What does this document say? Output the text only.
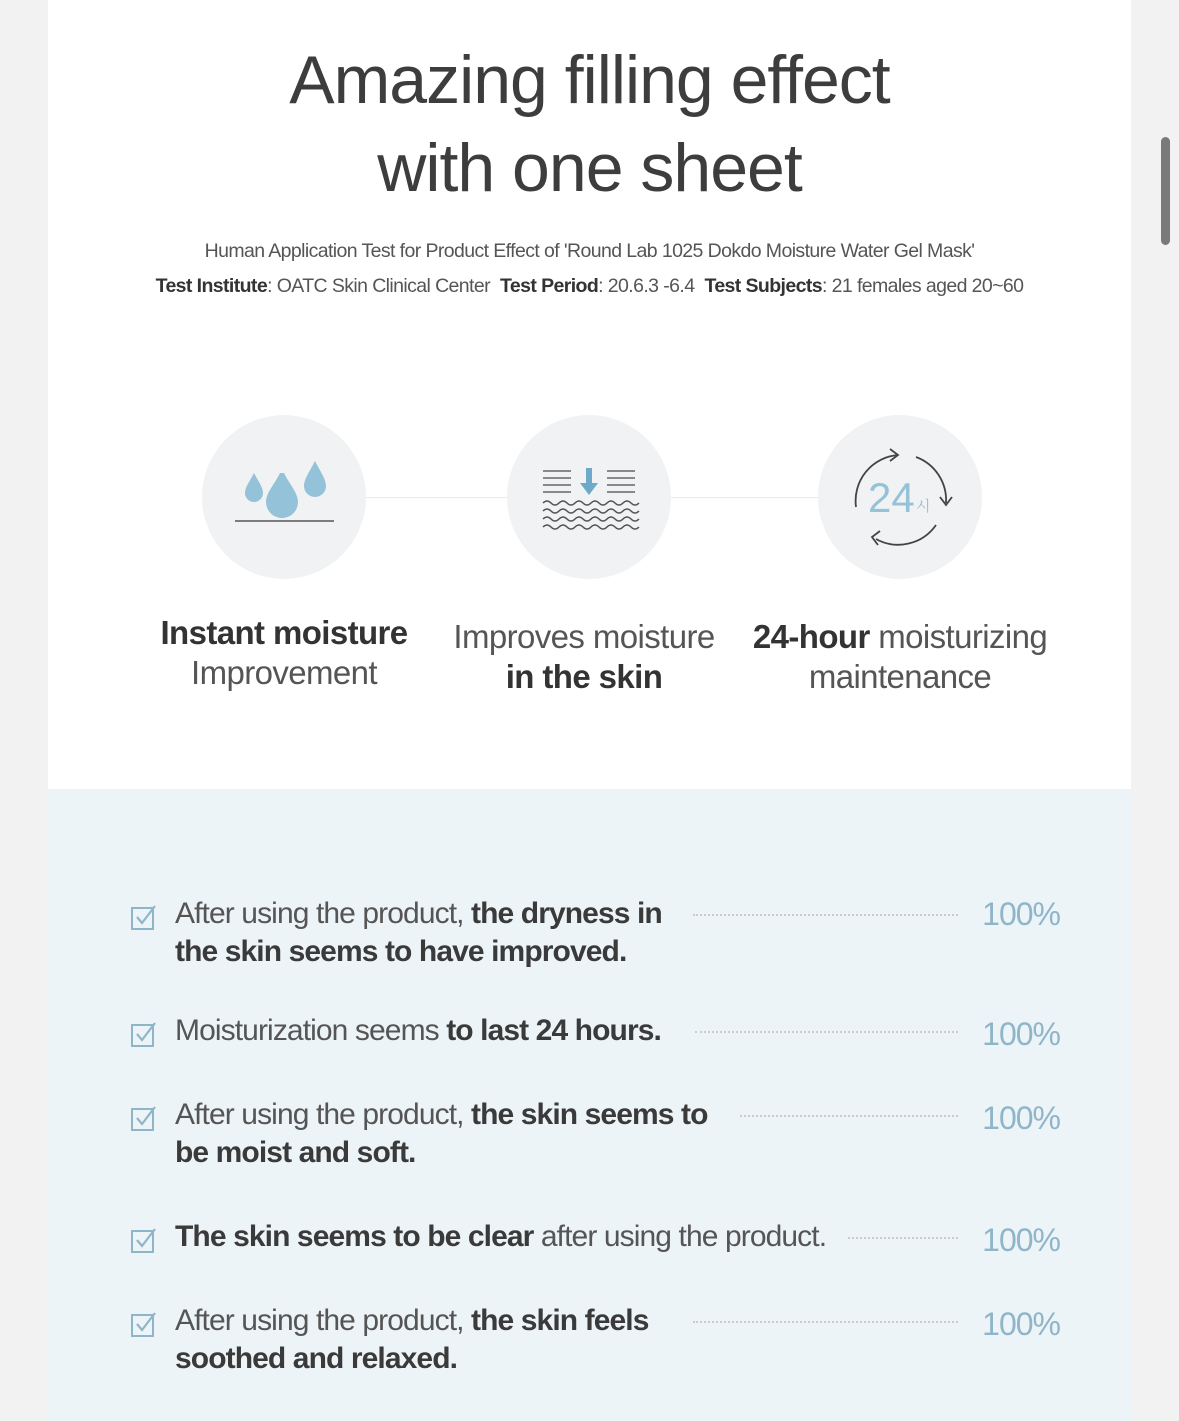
Amazing filling effect
with one sheet
Human Application Test for Product Effect of 'Round Lab 1025 Dokdo Moisture Water Gel Mask'
Test Institute: OATC Skin Clinical Center Test Period: 20.6.3 -6.4 Test Subjects: 21 females aged 20~60
24 시
Instant moisture
Improvement
Improves moisture
in the skin
24-hour moisturizing
maintenance
After using the product, the dryness in
the skin seems to have improved.
100%
Moisturization seems to last 24 hours.	100%
After using the product, the skin seems to
be moist and soft.
100%
The skin seems to be clear after using the product.	100%
After using the product, the skin feels
soothed and relaxed.
100%
